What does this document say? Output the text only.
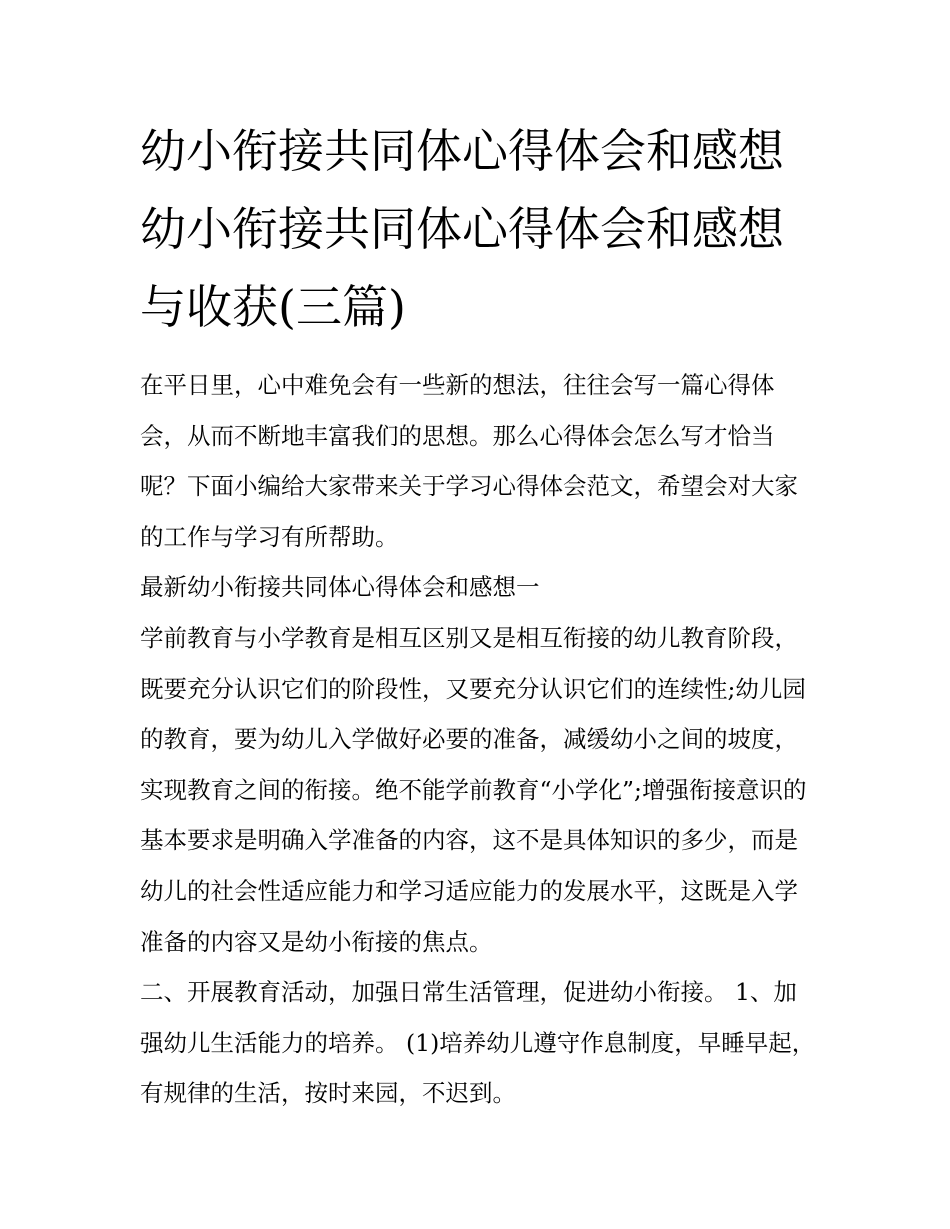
幼小衔接共同体心得体会和感想 幼小衔接共同体心得体会和感想与收获(三篇)

在平日里，心中难免会有一些新的想法，往往会写一篇心得体会，从而不断地丰富我们的思想。那么心得体会怎么写才恰当呢？下面小编给大家带来关于学习心得体会范文，希望会对大家的工作与学习有所帮助。

最新幼小衔接共同体心得体会和感想一

学前教育与小学教育是相互区别又是相互衔接的幼儿教育阶段，既要充分认识它们的阶段性，又要充分认识它们的连续性;幼儿园的教育，要为幼儿入学做好必要的准备，减缓幼小之间的坡度，实现教育之间的衔接。绝不能学前教育“小学化”;增强衔接意识的基本要求是明确入学准备的内容，这不是具体知识的多少，而是幼儿的社会性适应能力和学习适应能力的发展水平，这既是入学准备的内容又是幼小衔接的焦点。

二、开展教育活动，加强日常生活管理，促进幼小衔接。 1、加强幼儿生活能力的培养。 (1)培养幼儿遵守作息制度，早睡早起，有规律的生活，按时来园，不迟到。
